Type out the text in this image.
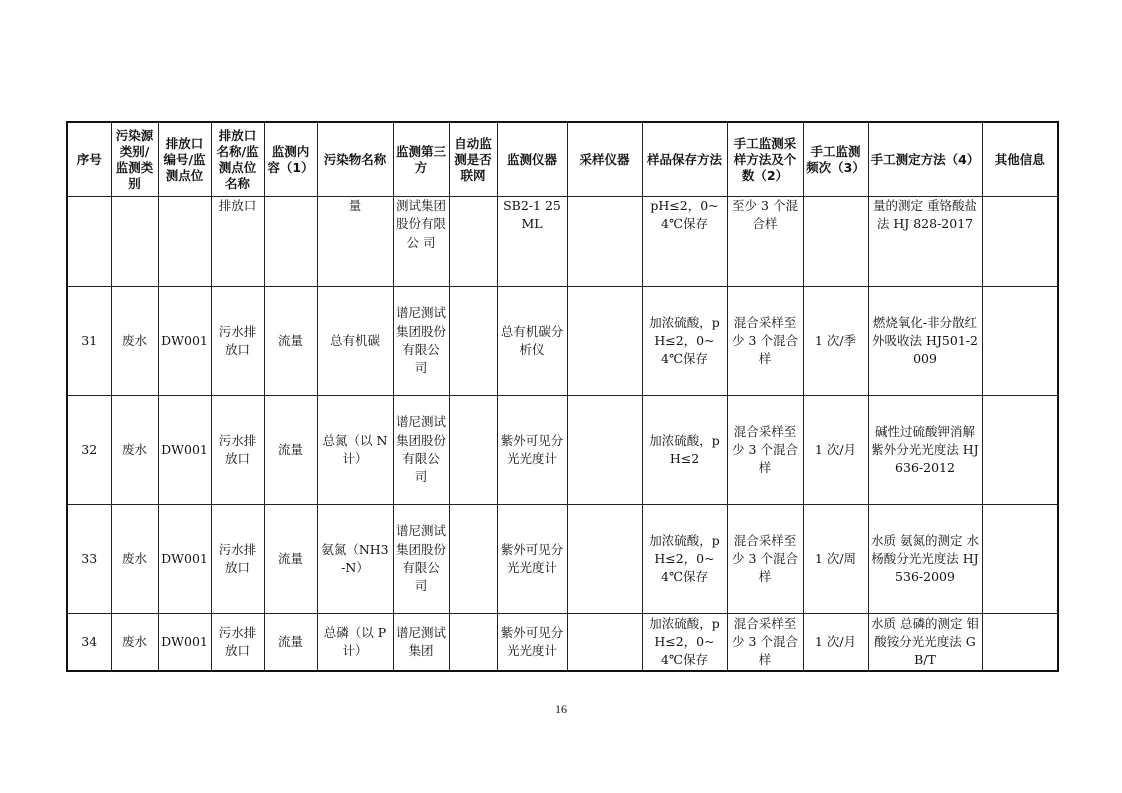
序号	污染源类别/监测类别	排放口编号/监测点位	排放口名称/监测点位名称	监测内容（1）	污染物名称	监测第三方	自动监测是否联网	监测仪器	采样仪器	样品保存方法	手工监测采样方法及个数（2）	手工监测频次（3）	手工测定方法（4）	其他信息
			排放口		量	测试集团股份有限公 司		SB2-1 25ML		pH≤2，0~4℃保存	至少 3 个混合样		量的测定 重铬酸盐法 HJ 828-2017	
31	废水	DW001	污水排放口	流量	总有机碳	谱尼测试集团股份有限公 司		总有机碳分析仪		加浓硫酸，pH≤2，0~4℃保存	混合采样至少 3 个混合样	1 次/季	燃烧氧化-非分散红外吸收法 HJ501-2009	
32	废水	DW001	污水排放口	流量	总氮（以 N 计）	谱尼测试集团股份有限公 司		紫外可见分光光度计		加浓硫酸，pH≤2	混合采样至少 3 个混合样	1 次/月	碱性过硫酸钾消解紫外分光光度法 HJ 636-2012	
33	废水	DW001	污水排放口	流量	氨氮（NH3-N）	谱尼测试集团股份有限公 司		紫外可见分光光度计		加浓硫酸，pH≤2，0~4℃保存	混合采样至少 3 个混合样	1 次/周	水质 氨氮的测定 水杨酸分光光度法 HJ 536-2009	
34	废水	DW001	污水排放口	流量	总磷（以 P 计）	谱尼测试集团		紫外可见分光光度计		加浓硫酸，pH≤2，0~4℃保存	混合采样至少 3 个混合样	1 次/月	水质 总磷的测定 钼酸铵分光光度法 GB/T	
16
